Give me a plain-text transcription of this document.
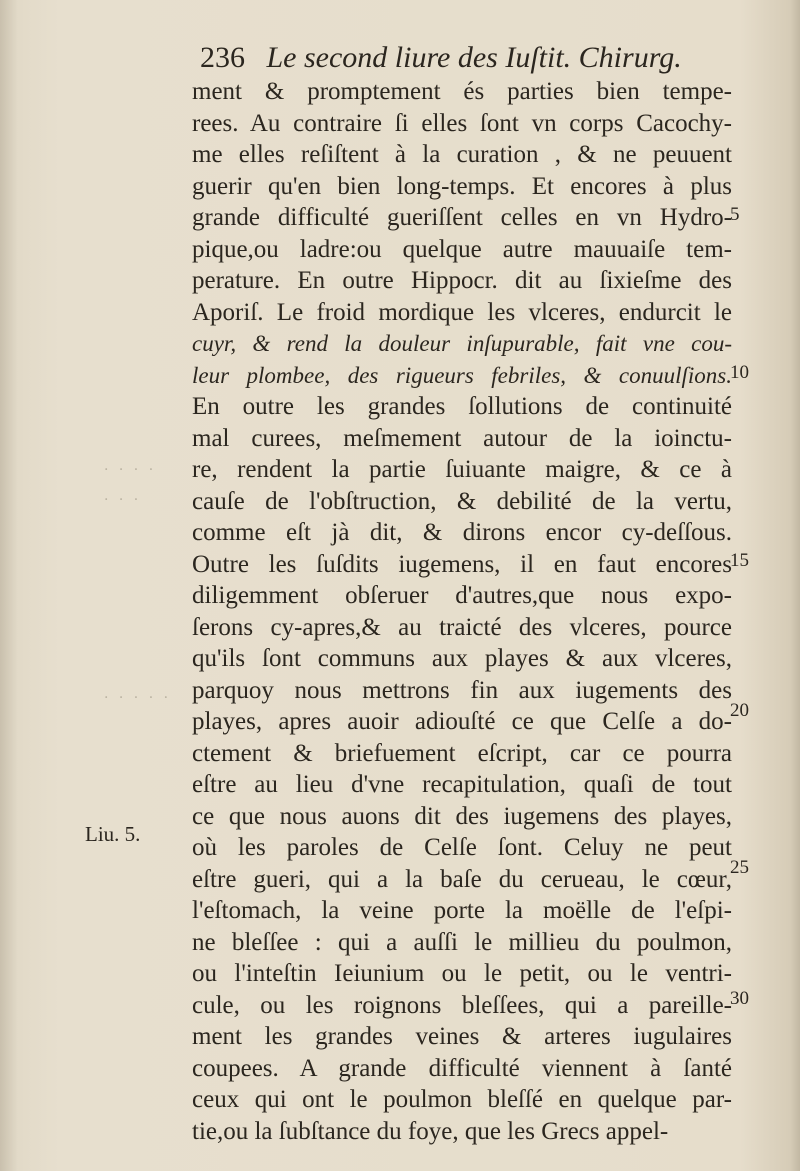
236 Le second liure des Iuſtit. Chirurg.
· · · ·
· · ·
· · · · ·
ment & promptement és parties bien tempe-
rees. Au contraire ſi elles ſont vn corps Cacochy-
me elles reſiſtent à la curation , & ne peuuent
guerir qu'en bien long-temps. Et encores à plus
grande difficulté gueriſſent celles en vn Hydro-
pique,ou ladre:ou quelque autre mauuaiſe tem-
perature. En outre Hippocr. dit au ſixieſme des
Aporiſ. Le froid mordique les vlceres, endurcit le
cuyr, & rend la douleur inſupurable, fait vne cou-
leur plombee, des rigueurs febriles, & conuulſions.
En outre les grandes ſollutions de continuité
mal curees, meſmement autour de la ioinctu-
re, rendent la partie ſuiuante maigre, & ce à
cauſe de l'obſtruction, & debilité de la vertu,
comme eſt jà dit, & dirons encor cy-deſſous.
Outre les ſuſdits iugemens, il en faut encores
diligemment obſeruer d'autres,que nous expo-
ſerons cy-apres,& au traicté des vlceres, pource
qu'ils ſont communs aux playes & aux vlceres,
parquoy nous mettrons fin aux iugements des
playes, apres auoir adiouſté ce que Celſe a do-
ctement & briefuement eſcript, car ce pourra
eſtre au lieu d'vne recapitulation, quaſi de tout
ce que nous auons dit des iugemens des playes,
où les paroles de Celſe ſont. Celuy ne peut
eſtre gueri, qui a la baſe du cerueau, le cœur,
l'eſtomach, la veine porte la moëlle de l'eſpi-
ne bleſſee : qui a auſſi le millieu du poulmon,
ou l'inteſtin Ieiunium ou le petit, ou le ventri-
cule, ou les roignons bleſſees, qui a pareille-
ment les grandes veines & arteres iugulaires
coupees. A grande difficulté viennent à ſanté
ceux qui ont le poulmon bleſſé en quelque par-
tie,ou la ſubſtance du foye, que les Grecs appel-
5
10
15
20
25
30
Liu. 5.
